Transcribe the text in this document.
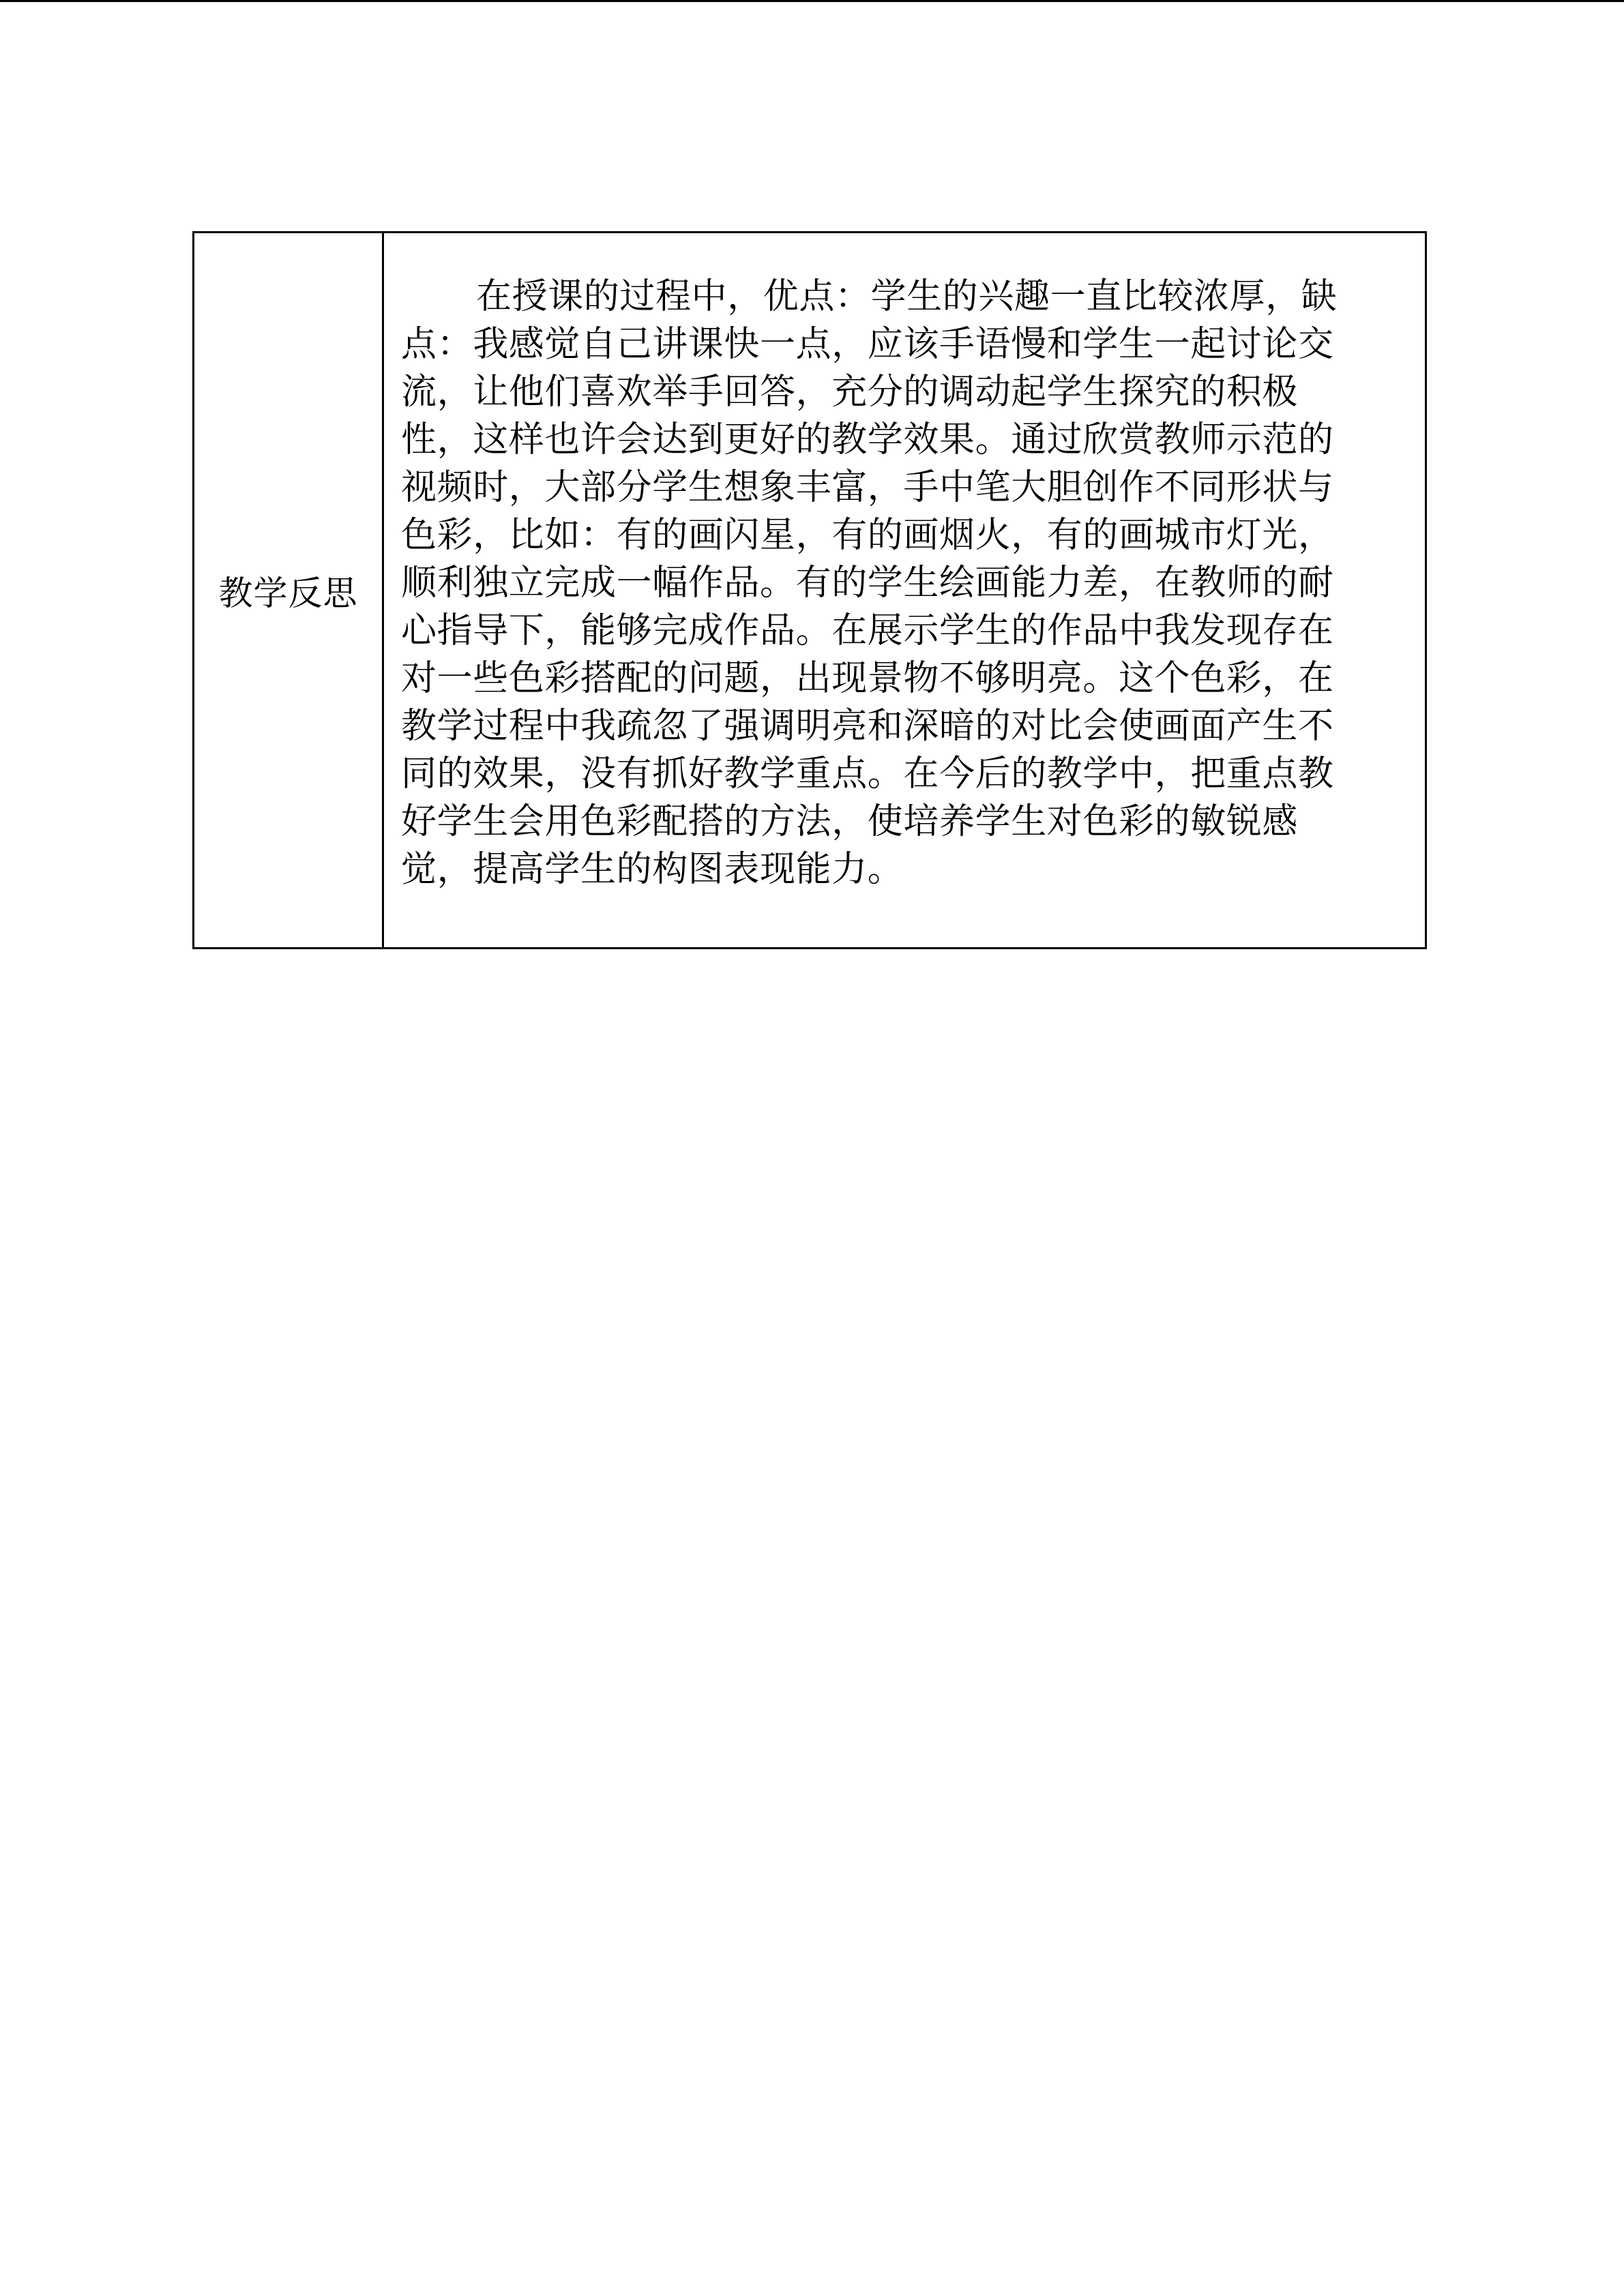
教学反思
在授课的过程中，优点：学生的兴趣一直比较浓厚，缺
点：我感觉自己讲课快一点，应该手语慢和学生一起讨论交
流，让他们喜欢举手回答，充分的调动起学生探究的积极
性，这样也许会达到更好的教学效果。通过欣赏教师示范的
视频时，大部分学生想象丰富，手中笔大胆创作不同形状与
色彩，比如：有的画闪星，有的画烟火，有的画城市灯光，
顺利独立完成一幅作品。有的学生绘画能力差，在教师的耐
心指导下，能够完成作品。在展示学生的作品中我发现存在
对一些色彩搭配的问题，出现景物不够明亮。这个色彩，在
教学过程中我疏忽了强调明亮和深暗的对比会使画面产生不
同的效果，没有抓好教学重点。在今后的教学中，把重点教
好学生会用色彩配搭的方法，使培养学生对色彩的敏锐感
觉，提高学生的构图表现能力。
